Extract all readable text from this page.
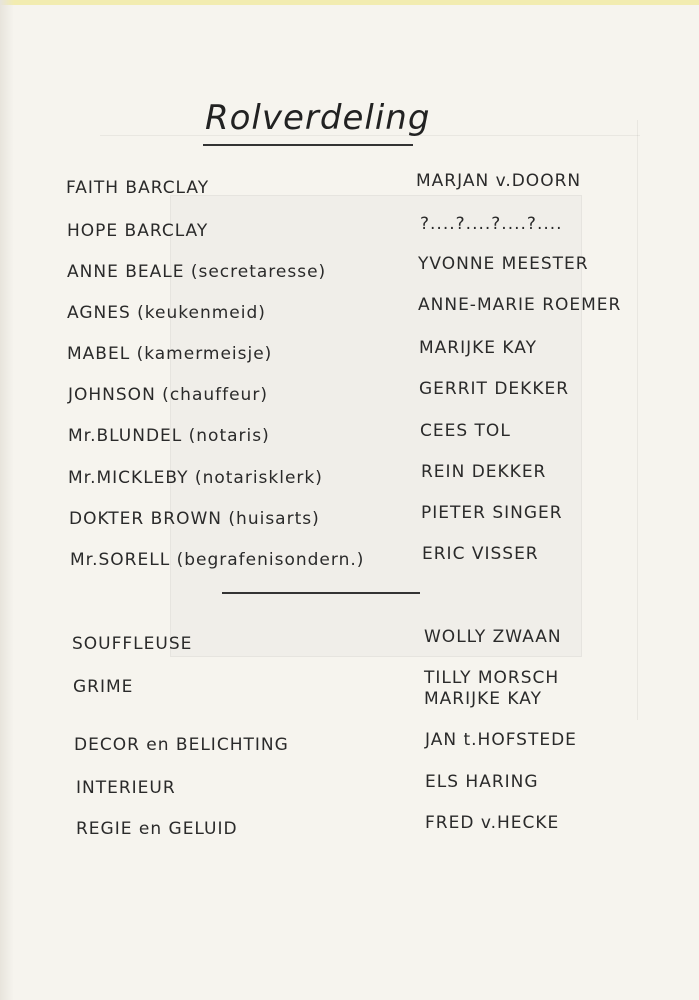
Rolverdeling
FAITH BARCLAY	MARJAN v.DOORN
HOPE BARCLAY	?....?....?....?....
ANNE BEALE (secretaresse)	YVONNE MEESTER
AGNES (keukenmeid)	ANNE-MARIE ROEMER
MABEL (kamermeisje)	MARIJKE KAY
JOHNSON (chauffeur)	GERRIT DEKKER
Mr.BLUNDEL (notaris)	CEES TOL
Mr.MICKLEBY (notarisklerk)	REIN DEKKER
DOKTER BROWN (huisarts)	PIETER SINGER
Mr.SORELL (begrafenisondern.)	ERIC VISSER
SOUFFLEUSE	WOLLY ZWAAN
GRIME	TILLY MORSCH
MARIJKE KAY
DECOR en BELICHTING	JAN t.HOFSTEDE
INTERIEUR	ELS HARING
REGIE en GELUID	FRED v.HECKE
